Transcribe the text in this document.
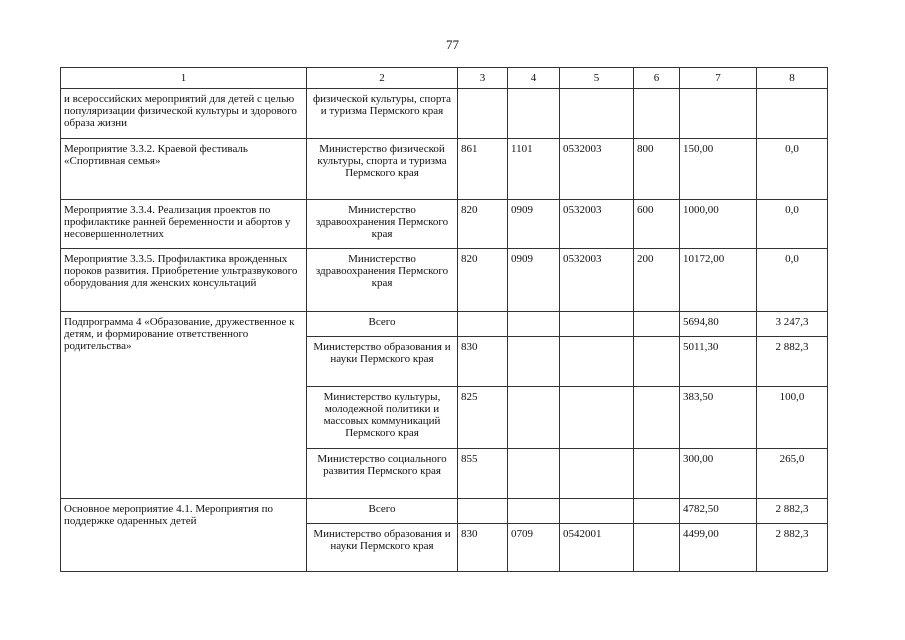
77
1	2	3	4	5	6	7	8
и всероссийских мероприятий для детей с целью популяризации физической культуры и здорового образа жизни	физической культуры, спорта и туризма Пермского края						
Мероприятие 3.3.2. Краевой фестиваль «Спортивная семья»	Министерство физической культуры, спорта и туризма Пермского края	861	1101	0532003	800	150,00	0,0
Мероприятие 3.3.4. Реализация проектов по профилактике ранней беременности и абортов у несовершеннолетних	Министерство здравоохранения Пермского края	820	0909	0532003	600	1000,00	0,0
Мероприятие 3.3.5. Профилактика врожденных пороков развития. Приобретение ультразвукового оборудования для женских консультаций	Министерство здравоохранения Пермского края	820	0909	0532003	200	10172,00	0,0
Подпрограмма 4 «Образование, дружественное к детям, и формирование ответственного родительства»	Всего					5694,80	3 247,3
	Министерство образования и науки Пермского края	830				5011,30	2 882,3
	Министерство культуры, молодежной политики и массовых коммуникаций Пермского края	825				383,50	100,0
	Министерство социального развития Пермского края	855				300,00	265,0
Основное мероприятие 4.1. Мероприятия по поддержке одаренных детей	Всего					4782,50	2 882,3
	Министерство образования и науки Пермского края	830	0709	0542001		4499,00	2 882,3
